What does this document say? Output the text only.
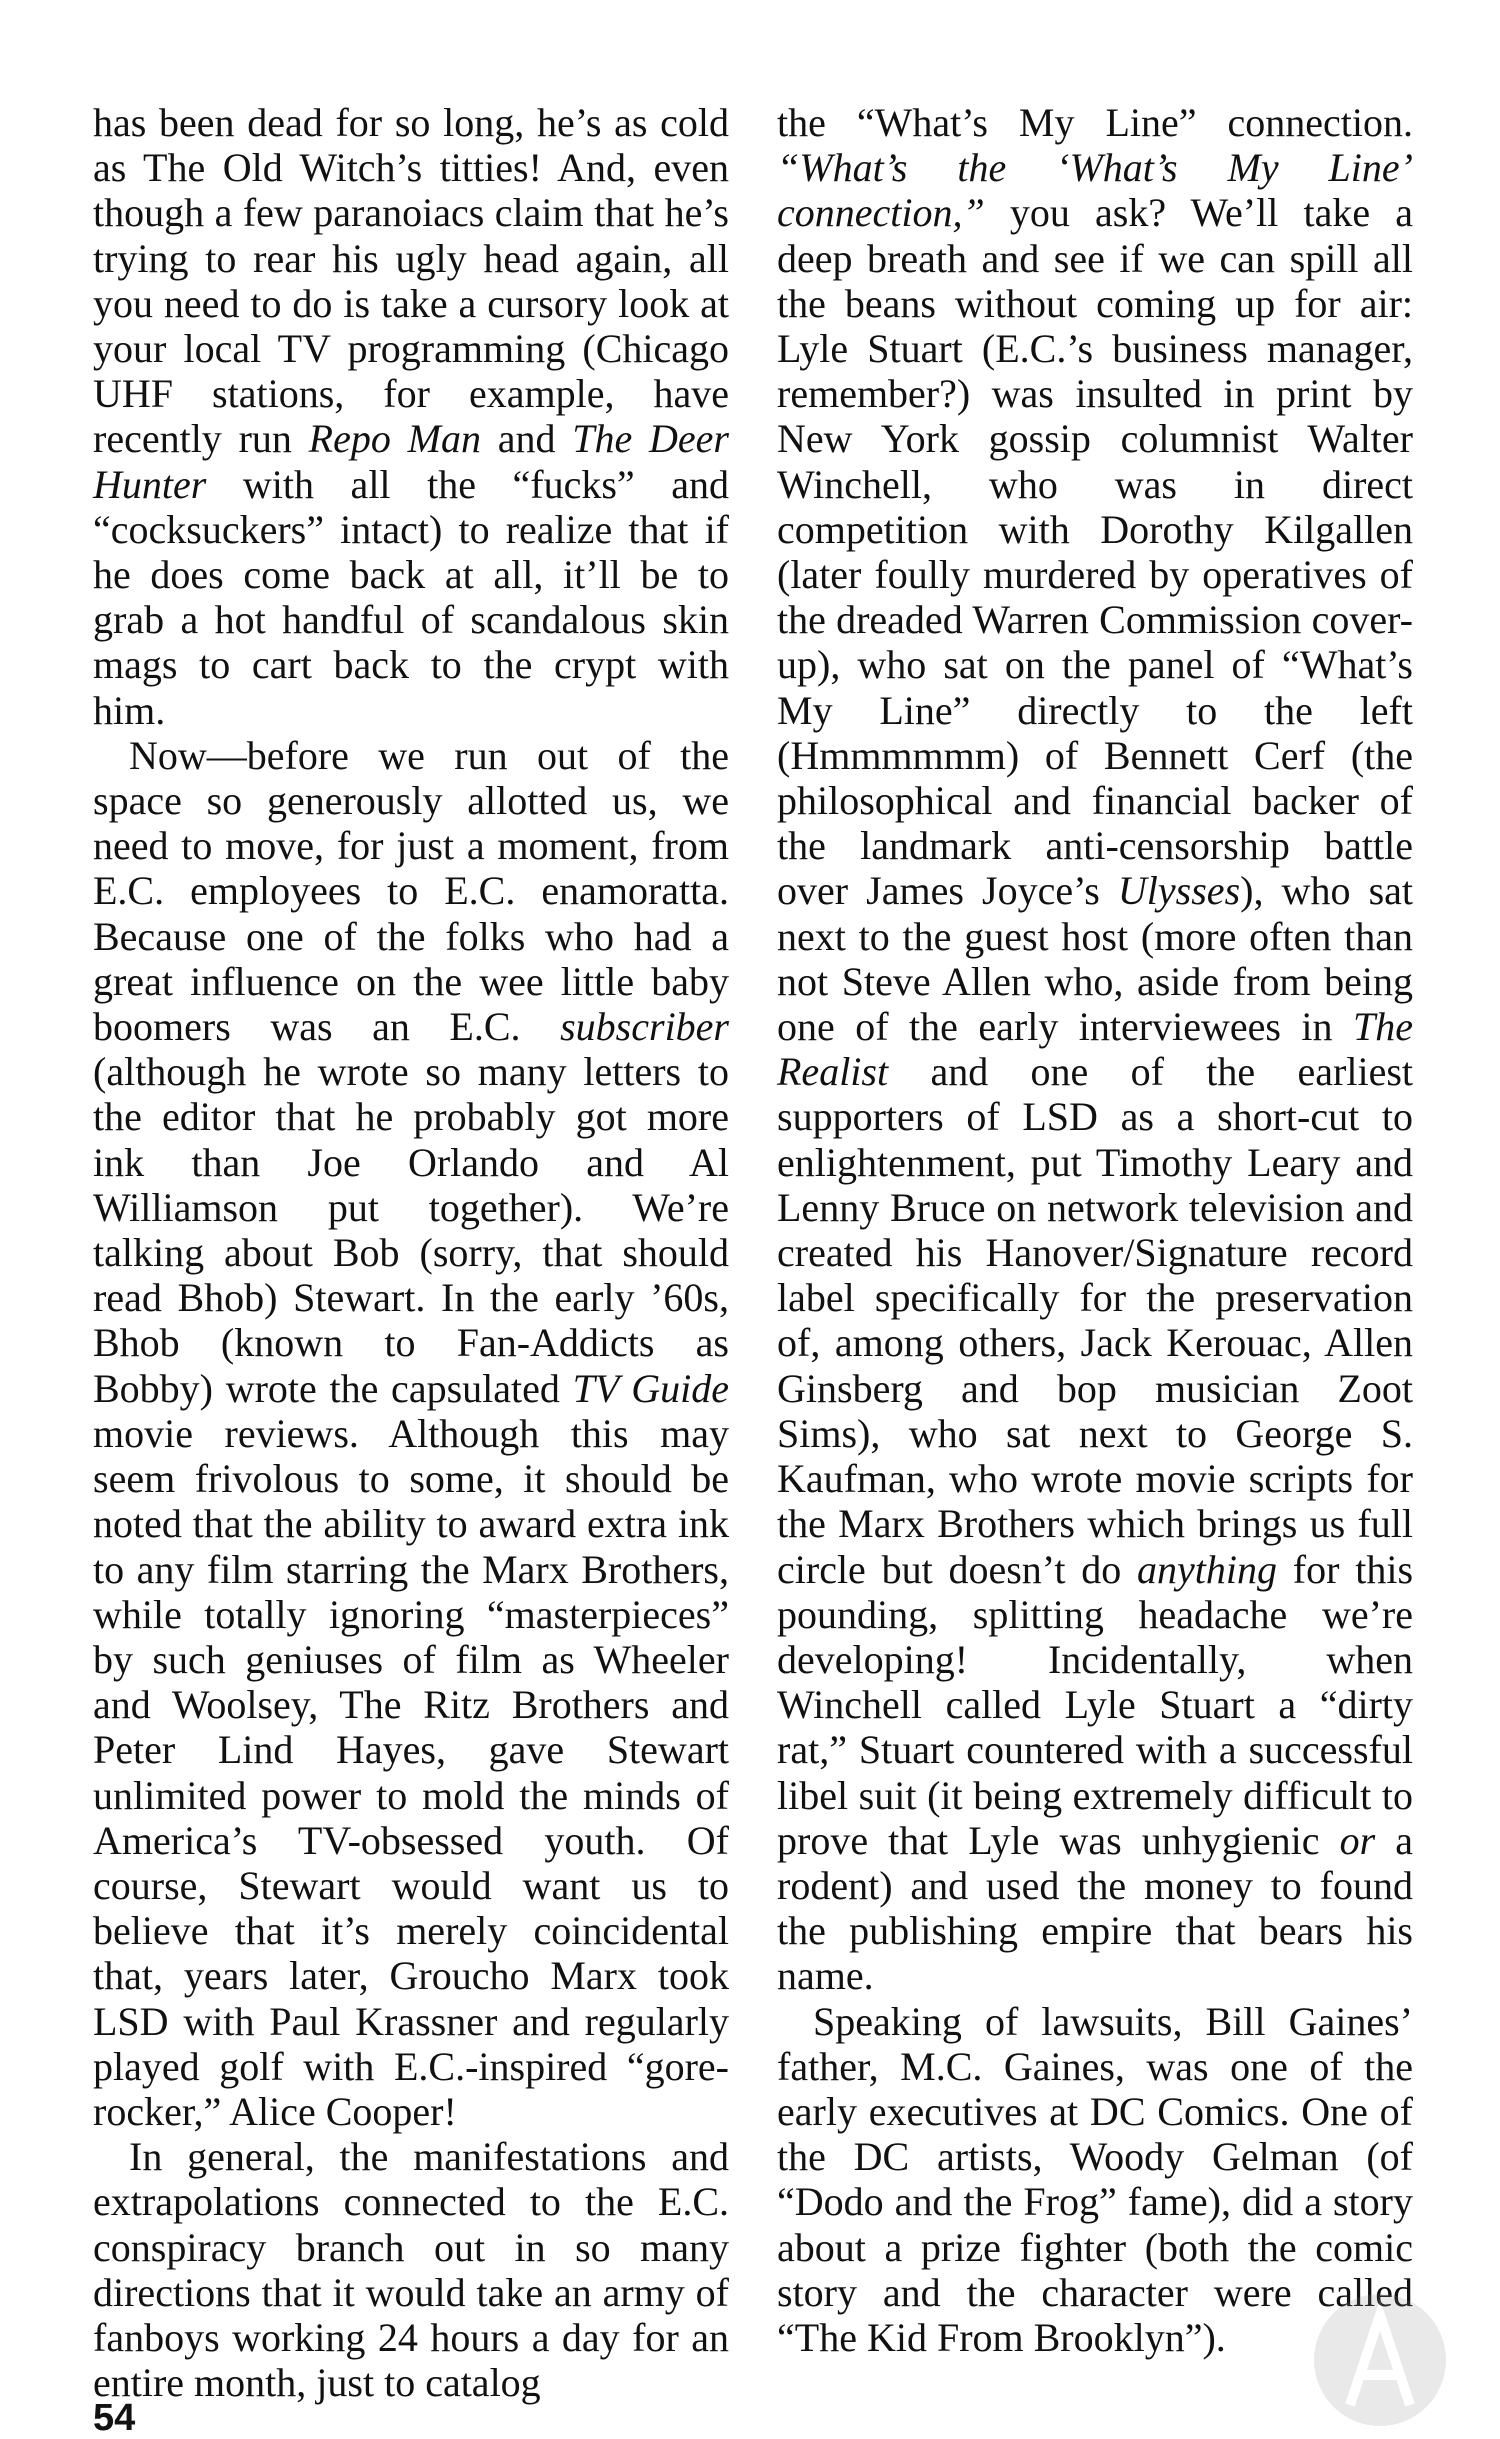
has been dead for so long, he’s as cold as The Old Witch’s titties! And, even though a few paranoiacs claim that he’s trying to rear his ugly head again, all you need to do is take a cursory look at your local TV programming (Chicago UHF stations, for example, have recently run Repo Man and The Deer Hunter with all the “fucks” and “cocksuckers” intact) to realize that if he does come back at all, it’ll be to grab a hot handful of scandalous skin mags to cart back to the crypt with him.

Now—before we run out of the space so generously allotted us, we need to move, for just a moment, from E.C. employees to E.C. enamoratta. Because one of the folks who had a great influence on the wee little baby boomers was an E.C. subscriber (although he wrote so many letters to the editor that he probably got more ink than Joe Orlando and Al Williamson put together). We’re talking about Bob (sorry, that should read Bhob) Stewart. In the early ’60s, Bhob (known to Fan-Addicts as Bobby) wrote the capsulated TV Guide movie reviews. Although this may seem frivolous to some, it should be noted that the ability to award extra ink to any film starring the Marx Brothers, while totally ignoring “masterpieces” by such geniuses of film as Wheeler and Woolsey, The Ritz Brothers and Peter Lind Hayes, gave Stewart unlimited power to mold the minds of America’s TV-obsessed youth. Of course, Stewart would want us to believe that it’s merely coincidental that, years later, Groucho Marx took LSD with Paul Krassner and regularly played golf with E.C.-inspired “gore-rocker,” Alice Cooper!

In general, the manifestations and extrapolations connected to the E.C. conspiracy branch out in so many directions that it would take an army of fanboys working 24 hours a day for an entire month, just to catalog

the “What’s My Line” connection. “What’s the ‘What’s My Line’ connection,” you ask? We’ll take a deep breath and see if we can spill all the beans without coming up for air: Lyle Stuart (E.C.’s business manager, remember?) was insulted in print by New York gossip columnist Walter Winchell, who was in direct competition with Dorothy Kilgallen (later foully murdered by operatives of the dreaded Warren Commission cover-up), who sat on the panel of “What’s My Line” directly to the left (Hmmmmmm) of Bennett Cerf (the philosophical and financial backer of the landmark anti-censorship battle over James Joyce’s Ulysses), who sat next to the guest host (more often than not Steve Allen who, aside from being one of the early interviewees in The Realist and one of the earliest supporters of LSD as a short-cut to enlightenment, put Timothy Leary and Lenny Bruce on network television and created his Hanover/Signature record label specifically for the preservation of, among others, Jack Kerouac, Allen Ginsberg and bop musician Zoot Sims), who sat next to George S. Kaufman, who wrote movie scripts for the Marx Brothers which brings us full circle but doesn’t do anything for this pounding, splitting headache we’re developing! Incidentally, when Winchell called Lyle Stuart a “dirty rat,” Stuart countered with a successful libel suit (it being extremely difficult to prove that Lyle was unhygienic or a rodent) and used the money to found the publishing empire that bears his name.

Speaking of lawsuits, Bill Gaines’ father, M.C. Gaines, was one of the early executives at DC Comics. One of the DC artists, Woody Gelman (of “Dodo and the Frog” fame), did a story about a prize fighter (both the comic story and the character were called “The Kid From Brooklyn”).

54
